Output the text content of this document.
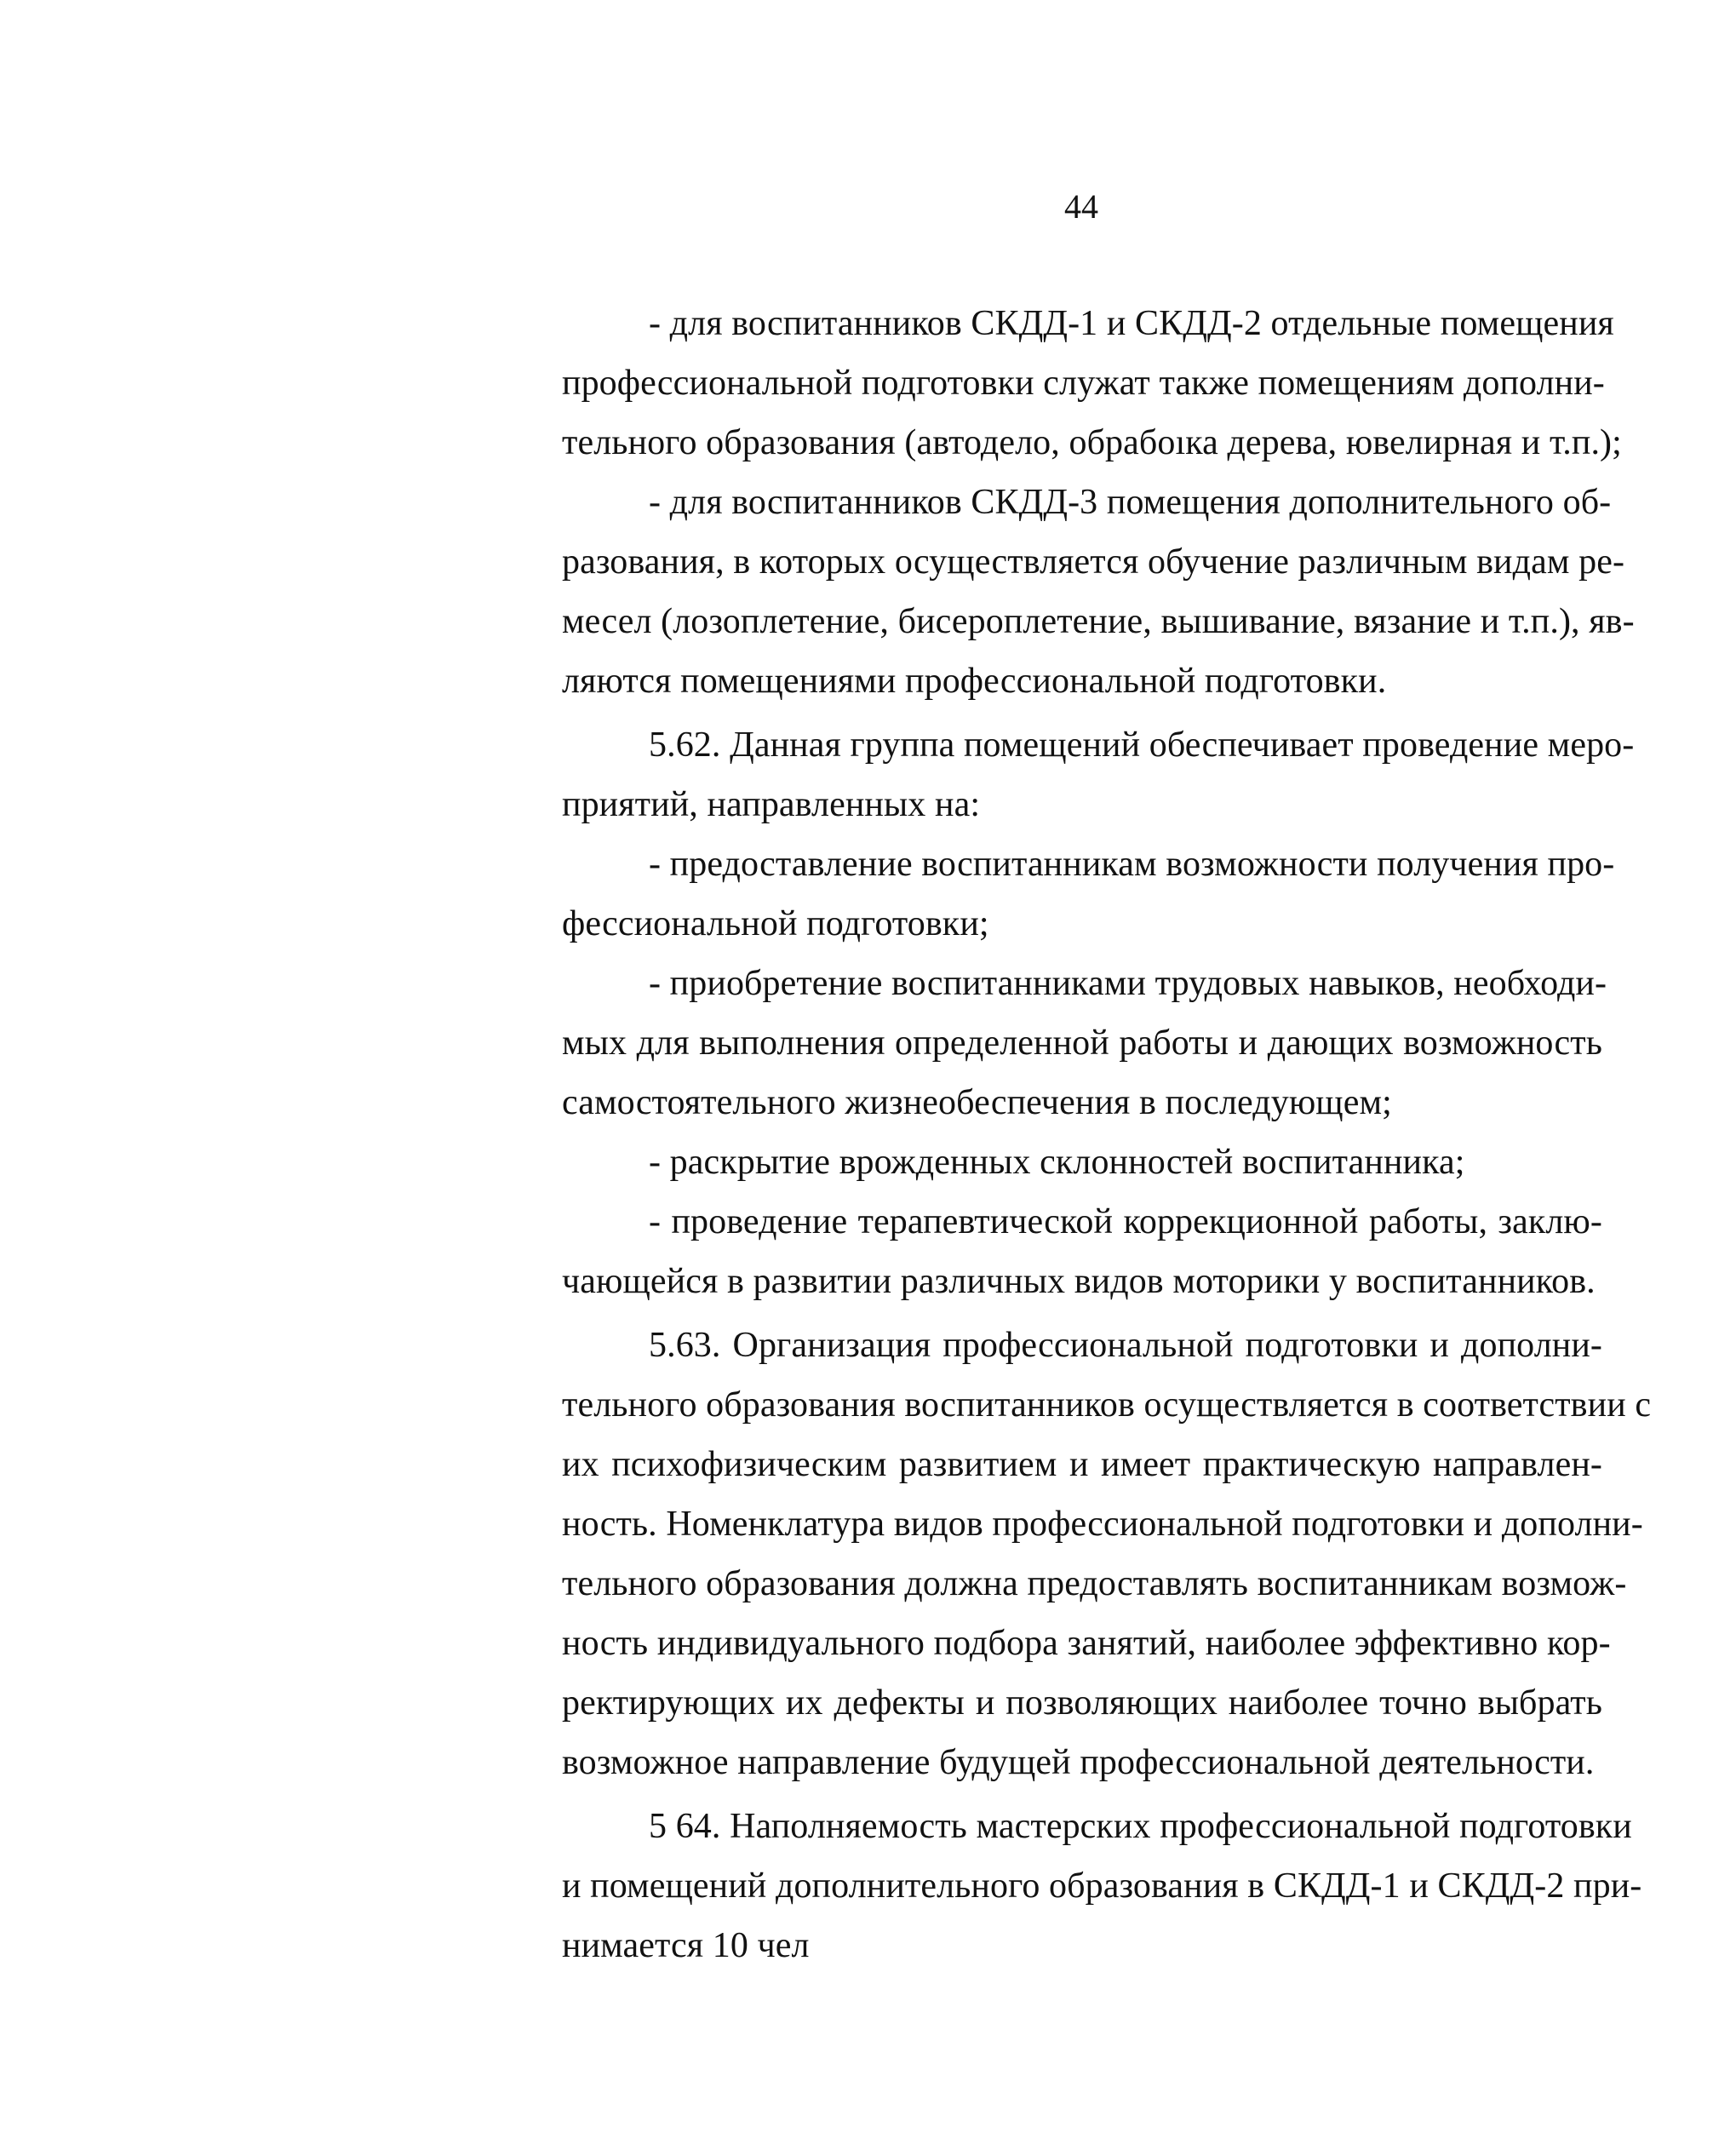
44
- для воспитанников СКДД-1 и СКДД-2 отдельные помещения
профессиональной подготовки служат также помещениям дополни-
тельного образования (автодело, обрабоıка дерева, ювелирная и т.п.);
- для воспитанников СКДД-3 помещения дополнительного об-
разования, в которых осуществляется обучение различным видам ре-
месел (лозоплетение, бисероплетение, вышивание, вязание и т.п.), яв-
ляются помещениями профессиональной подготовки.
5.62. Данная группа помещений обеспечивает проведение меро-
приятий, направленных на:
- предоставление воспитанникам возможности получения про-
фессиональной подготовки;
- приобретение воспитанниками трудовых навыков, необходи-
мых для выполнения определенной работы и дающих возможность
самостоятельного жизнеобеспечения в последующем;
- раскрытие врожденных склонностей воспитанника;
- проведение терапевтической коррекционной работы, заклю-
чающейся в развитии различных видов моторики у воспитанников.
5.63. Организация профессиональной подготовки и дополни-
тельного образования воспитанников осуществляется в соответствии с
их психофизическим развитием и имеет практическую направлен-
ность. Номенклатура видов профессиональной подготовки и дополни-
тельного образования должна предоставлять воспитанникам возмож-
ность индивидуального подбора занятий, наиболее эффективно кор-
ректирующих их дефекты и позволяющих наиболее точно выбрать
возможное направление будущей профессиональной деятельности.
5 64. Наполняемость мастерских профессиональной подготовки
и помещений дополнительного образования в СКДД-1 и СКДД-2 при-
нимается 10 чел
